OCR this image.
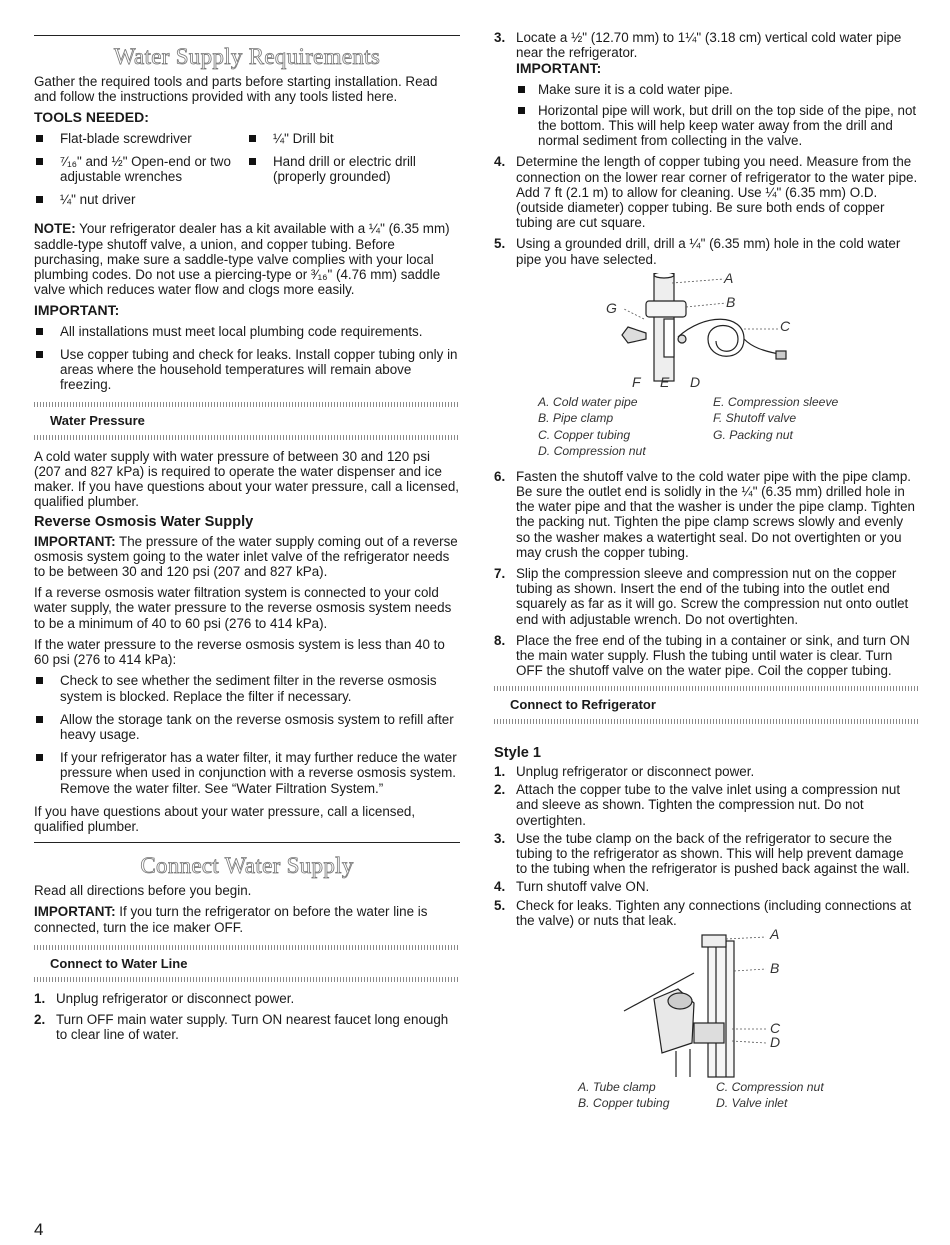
Water Supply Requirements

Gather the required tools and parts before starting installation. Read and follow the instructions provided with any tools listed here.

TOOLS NEEDED:
Flat-blade screwdriver
⁷⁄₁₆" and ½" Open-end or two adjustable wrenches
¼" nut driver
¼" Drill bit
Hand drill or electric drill (properly grounded)

NOTE: Your refrigerator dealer has a kit available with a ¼" (6.35 mm) saddle-type shutoff valve, a union, and copper tubing. Before purchasing, make sure a saddle-type valve complies with your local plumbing codes. Do not use a piercing-type or ³⁄₁₆" (4.76 mm) saddle valve which reduces water flow and clogs more easily.

IMPORTANT:
All installations must meet local plumbing code requirements.
Use copper tubing and check for leaks. Install copper tubing only in areas where the household temperatures will remain above freezing.
Water Pressure

A cold water supply with water pressure of between 30 and 120 psi (207 and 827 kPa) is required to operate the water dispenser and ice maker. If you have questions about your water pressure, call a licensed, qualified plumber.

Reverse Osmosis Water Supply

IMPORTANT: The pressure of the water supply coming out of a reverse osmosis system going to the water inlet valve of the refrigerator needs to be between 30 and 120 psi (207 and 827 kPa).

If a reverse osmosis water filtration system is connected to your cold water supply, the water pressure to the reverse osmosis system needs to be a minimum of 40 to 60 psi (276 to 414 kPa).

If the water pressure to the reverse osmosis system is less than 40 to 60 psi (276 to 414 kPa):

Check to see whether the sediment filter in the reverse osmosis system is blocked. Replace the filter if necessary.
Allow the storage tank on the reverse osmosis system to refill after heavy usage.
If your refrigerator has a water filter, it may further reduce the water pressure when used in conjunction with a reverse osmosis system. Remove the water filter. See “Water Filtration System.”

If you have questions about your water pressure, call a licensed, qualified plumber.

Connect Water Supply

Read all directions before you begin.

IMPORTANT: If you turn the refrigerator on before the water line is connected, turn the ice maker OFF.

Connect to Water Line
1. Unplug refrigerator or disconnect power.
2. Turn OFF main water supply. Turn ON nearest faucet long enough to clear line of water.
3. Locate a ½" (12.70 mm) to 1¼" (3.18 cm) vertical cold water pipe near the refrigerator.
IMPORTANT:
Make sure it is a cold water pipe.
Horizontal pipe will work, but drill on the top side of the pipe, not the bottom. This will help keep water away from the drill and normal sediment from collecting in the valve.
4. Determine the length of copper tubing you need. Measure from the connection on the lower rear corner of refrigerator to the water pipe. Add 7 ft (2.1 m) to allow for cleaning. Use ¼" (6.35 mm) O.D. (outside diameter) copper tubing. Be sure both ends of copper tubing are cut square.
5. Using a grounded drill, drill a ¼" (6.35 mm) hole in the cold water pipe you have selected.
A
B
C
G
F E D
A. Cold water pipe	E. Compression sleeve
B. Pipe clamp	F. Shutoff valve
C. Copper tubing	G. Packing nut
D. Compression nut
6. Fasten the shutoff valve to the cold water pipe with the pipe clamp. Be sure the outlet end is solidly in the ¼" (6.35 mm) drilled hole in the water pipe and that the washer is under the pipe clamp. Tighten the packing nut. Tighten the pipe clamp screws slowly and evenly so the washer makes a watertight seal. Do not overtighten or you may crush the copper tubing.
7. Slip the compression sleeve and compression nut on the copper tubing as shown. Insert the end of the tubing into the outlet end squarely as far as it will go. Screw the compression nut onto outlet end with adjustable wrench. Do not overtighten.
8. Place the free end of the tubing in a container or sink, and turn ON the main water supply. Flush the tubing until water is clear. Turn OFF the shutoff valve on the water pipe. Coil the copper tubing.
Connect to Refrigerator
Style 1
1. Unplug refrigerator or disconnect power.
2. Attach the copper tube to the valve inlet using a compression nut and sleeve as shown. Tighten the compression nut. Do not overtighten.
3. Use the tube clamp on the back of the refrigerator to secure the tubing to the refrigerator as shown. This will help prevent damage to the tubing when the refrigerator is pushed back against the wall.
4. Turn shutoff valve ON.
5. Check for leaks. Tighten any connections (including connections at the valve) or nuts that leak.
A
B
C
D
A. Tube clamp	C. Compression nut
B. Copper tubing	D. Valve inlet
4
